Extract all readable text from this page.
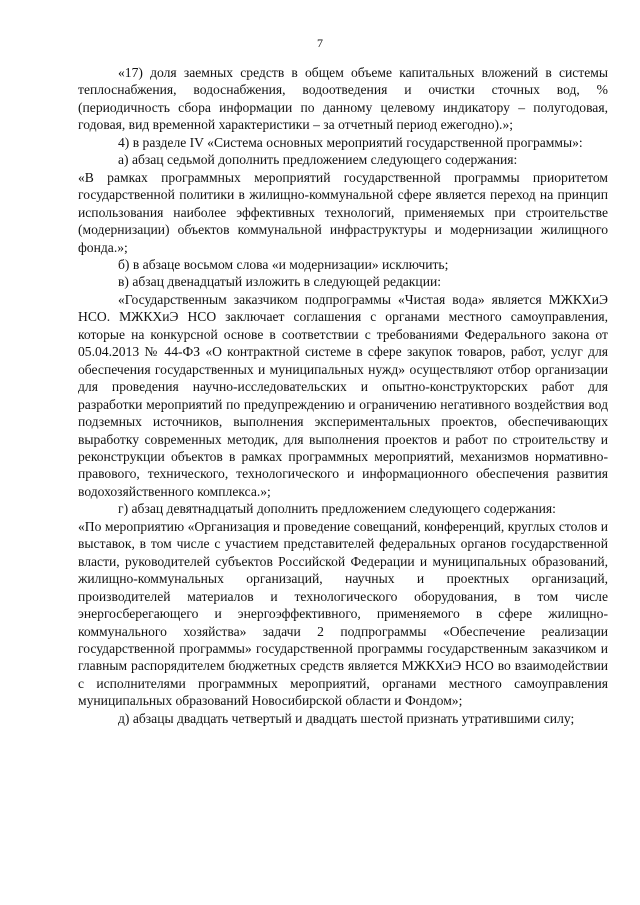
7

«17) доля заемных средств в общем объеме капитальных вложений в системы теплоснабжения, водоснабжения, водоотведения и очистки сточных вод, % (периодичность сбора информации по данному целевому индикатору – полугодовая, годовая, вид временной характеристики – за отчетный период ежегодно).»;

4) в разделе IV «Система основных мероприятий государственной программы»:

а) абзац седьмой дополнить предложением следующего содержания:

«В рамках программных мероприятий государственной программы приоритетом государственной политики в жилищно-коммунальной сфере является переход на принцип использования наиболее эффективных технологий, применяемых при строительстве (модернизации) объектов коммунальной инфраструктуры и модернизации жилищного фонда.»;

б) в абзаце восьмом слова «и модернизации» исключить;

в) абзац двенадцатый изложить в следующей редакции:

«Государственным заказчиком подпрограммы «Чистая вода» является МЖКХиЭ НСО. МЖКХиЭ НСО заключает соглашения с органами местного самоуправления, которые на конкурсной основе в соответствии с требованиями Федерального закона от 05.04.2013 № 44-ФЗ «О контрактной системе в сфере закупок товаров, работ, услуг для обеспечения государственных и муниципальных нужд» осуществляют отбор организации для проведения научно-исследовательских и опытно-конструкторских работ для разработки мероприятий по предупреждению и ограничению негативного воздействия вод подземных источников, выполнения экспериментальных проектов, обеспечивающих выработку современных методик, для выполнения проектов и работ по строительству и реконструкции объектов в рамках программных мероприятий, механизмов нормативно-правового, технического, технологического и информационного обеспечения развития водохозяйственного комплекса.»;

г) абзац девятнадцатый дополнить предложением следующего содержания:

«По мероприятию «Организация и проведение совещаний, конференций, круглых столов и выставок, в том числе с участием представителей федеральных органов государственной власти, руководителей субъектов Российской Федерации и муниципальных образований, жилищно-коммунальных организаций, научных и проектных организаций, производителей материалов и технологического оборудования, в том числе энергосберегающего и энергоэффективного, применяемого в сфере жилищно-коммунального хозяйства» задачи 2 подпрограммы «Обеспечение реализации государственной программы» государственной программы государственным заказчиком и главным распорядителем бюджетных средств является МЖКХиЭ НСО во взаимодействии с исполнителями программных мероприятий, органами местного самоуправления муниципальных образований Новосибирской области и Фондом»;

д) абзацы двадцать четвертый и двадцать шестой признать утратившими силу;
